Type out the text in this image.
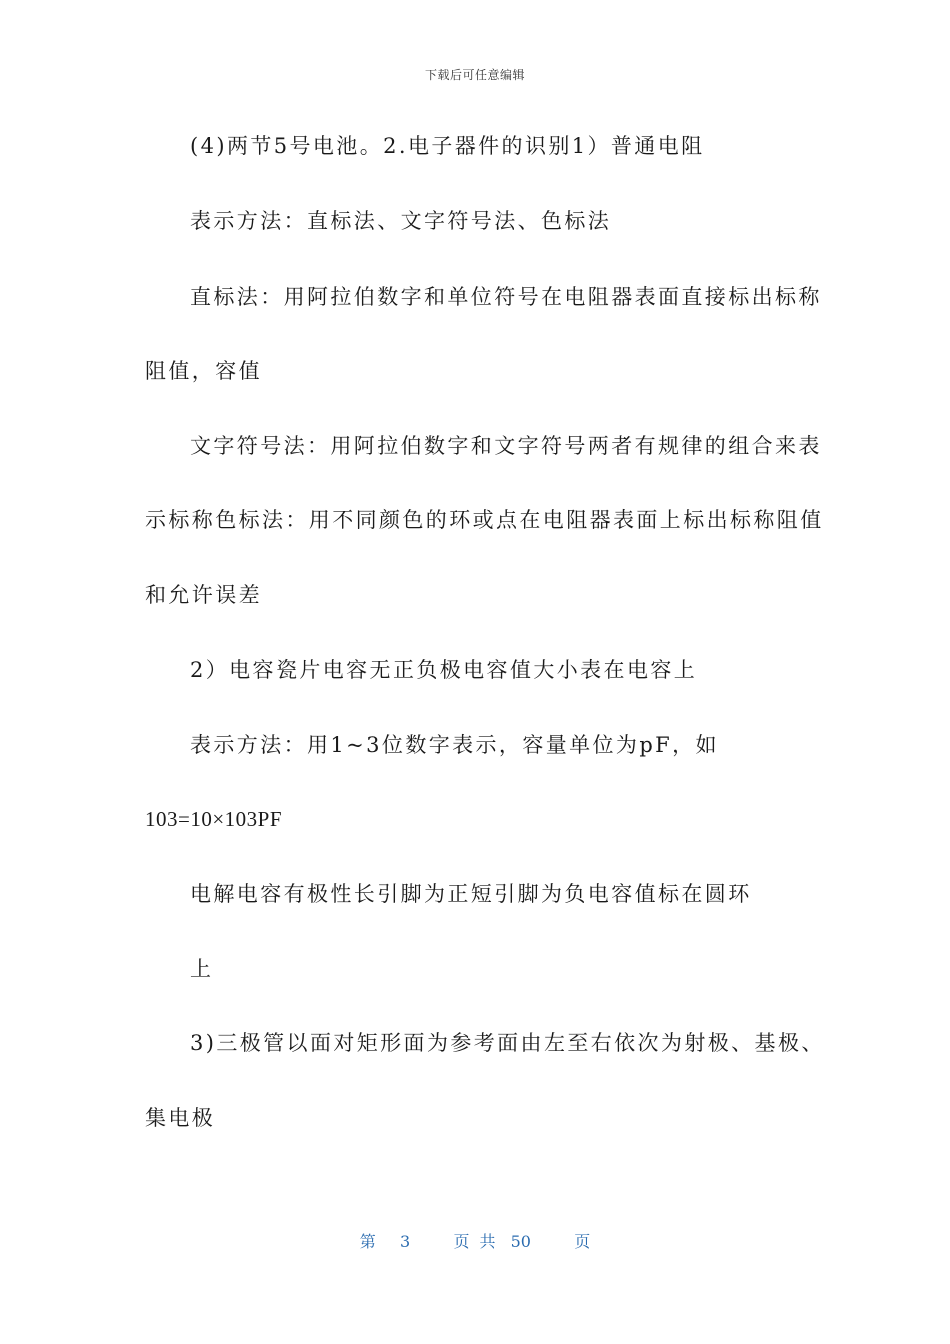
下载后可任意编辑
(4)两节5号电池。2.电子器件的识别1）普通电阻
表示方法：直标法、文字符号法、色标法
直标法：用阿拉伯数字和单位符号在电阻器表面直接标出标称
阻值，容值
文字符号法：用阿拉伯数字和文字符号两者有规律的组合来表
示标称色标法：用不同颜色的环或点在电阻器表面上标出标称阻值
和允许误差
2）电容瓷片电容无正负极电容值大小表在电容上
表示方法：用1~3位数字表示，容量单位为pF，如
103=10×103PF
电解电容有极性长引脚为正短引脚为负电容值标在圆环
上
3)三极管以面对矩形面为参考面由左至右依次为射极、基极、
集电极
第 3	页共 50	页
